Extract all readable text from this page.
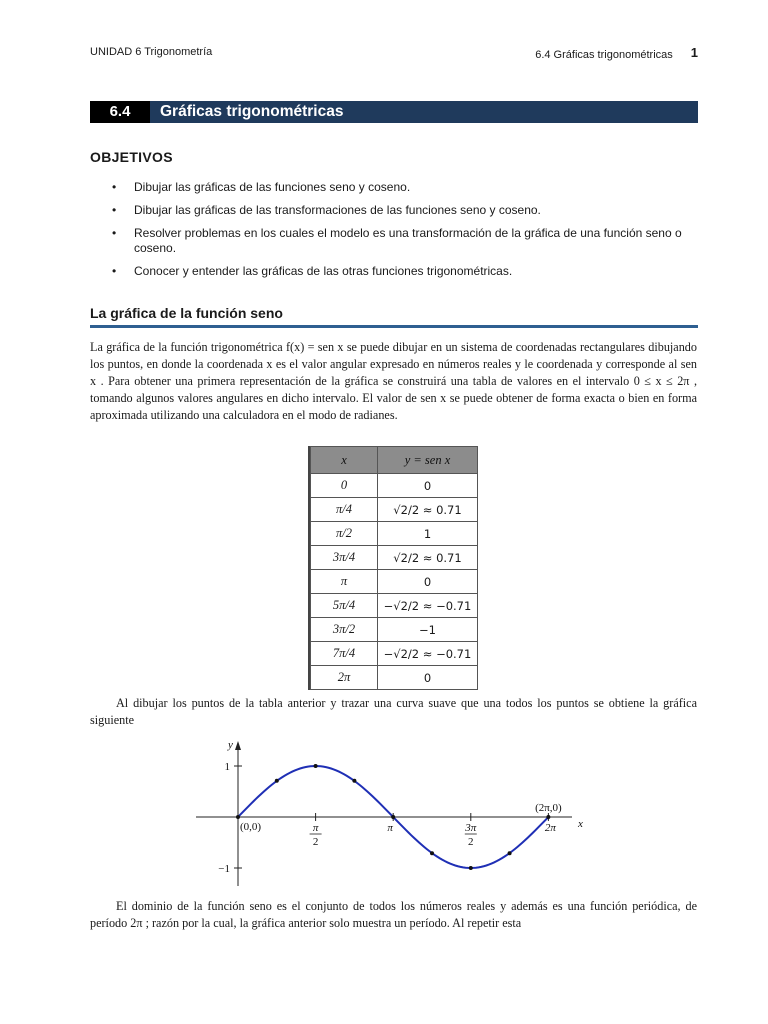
UNIDAD 6 Trigonometría	6.4 Gráficas trigonométricas 1
6.4	Gráficas trigonométricas
OBJETIVOS
• Dibujar las gráficas de las funciones seno y coseno.
• Dibujar las gráficas de las transformaciones de las funciones seno y coseno.
• Resolver problemas en los cuales el modelo es una transformación de la gráfica de una función seno o coseno.
• Conocer y entender las gráficas de las otras funciones trigonométricas.
La gráfica de la función seno

La gráfica de la función trigonométrica f(x) = sen x se puede dibujar en un sistema de coordenadas rectangulares dibujando los puntos, en donde la coordenada x es el valor angular expresado en números reales y le coordenada y corresponde al sen x . Para obtener una primera representación de la gráfica se construirá una tabla de valores en el intervalo 0 ≤ x ≤ 2π , tomando algunos valores angulares en dicho intervalo. El valor de sen x se puede obtener de forma exacta o bien en forma aproximada utilizando una calculadora en el modo de radianes.

x	y = sen x
0	0
π/4	√2/2 ≈ 0.71
π/2	1
3π/4	√2/2 ≈ 0.71
π	0
5π/4	−√2/2 ≈ −0.71
3π/2	−1
7π/4	−√2/2 ≈ −0.71
2π	0

Al dibujar los puntos de la tabla anterior y trazar una curva suave que una todos los puntos se obtiene la gráfica siguiente

y
x
π
2
π	3π
2
2π
1
−1
(0,0)
(2π,0)

El dominio de la función seno es el conjunto de todos los números reales y además es una función periódica, de período 2π ; razón por la cual, la gráfica anterior solo muestra un período. Al repetir esta
